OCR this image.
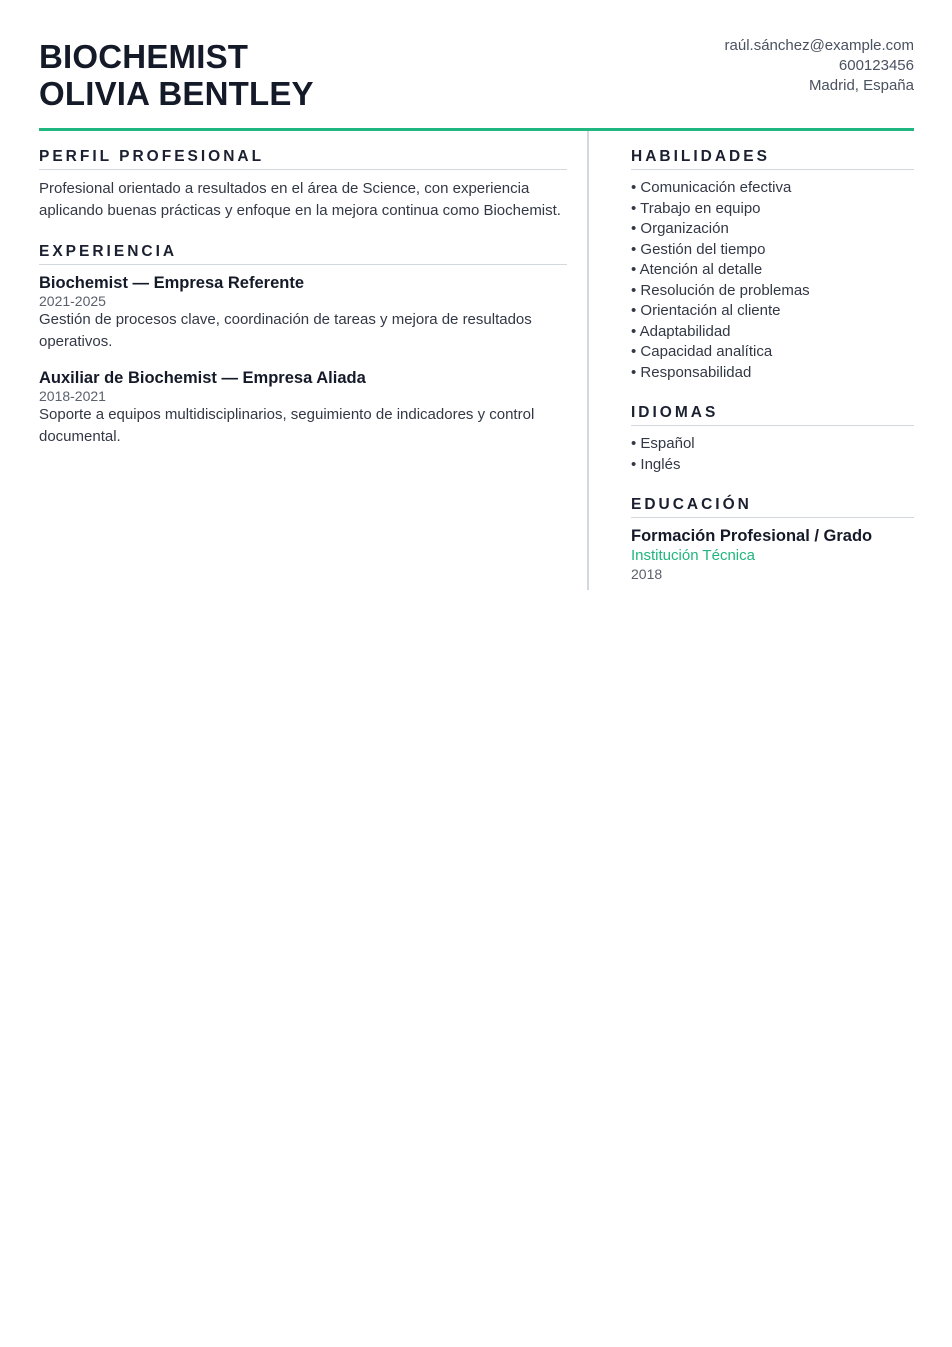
BIOCHEMIST
OLIVIA BENTLEY
raúl.sánchez@example.com
600123456
Madrid, España
PERFIL PROFESIONAL

Profesional orientado a resultados en el área de Science, con experiencia aplicando buenas prácticas y enfoque en la mejora continua como Biochemist.

EXPERIENCIA
Biochemist — Empresa Referente
2021-2025
Gestión de procesos clave, coordinación de tareas y mejora de resultados operativos.
Auxiliar de Biochemist — Empresa Aliada
2018-2021
Soporte a equipos multidisciplinarios, seguimiento de indicadores y control documental.
HABILIDADES
• Comunicación efectiva
• Trabajo en equipo
• Organización
• Gestión del tiempo
• Atención al detalle
• Resolución de problemas
• Orientación al cliente
• Adaptabilidad
• Capacidad analítica
• Responsabilidad
IDIOMAS
• Español
• Inglés
EDUCACIÓN
Formación Profesional / Grado
Institución Técnica
2018
